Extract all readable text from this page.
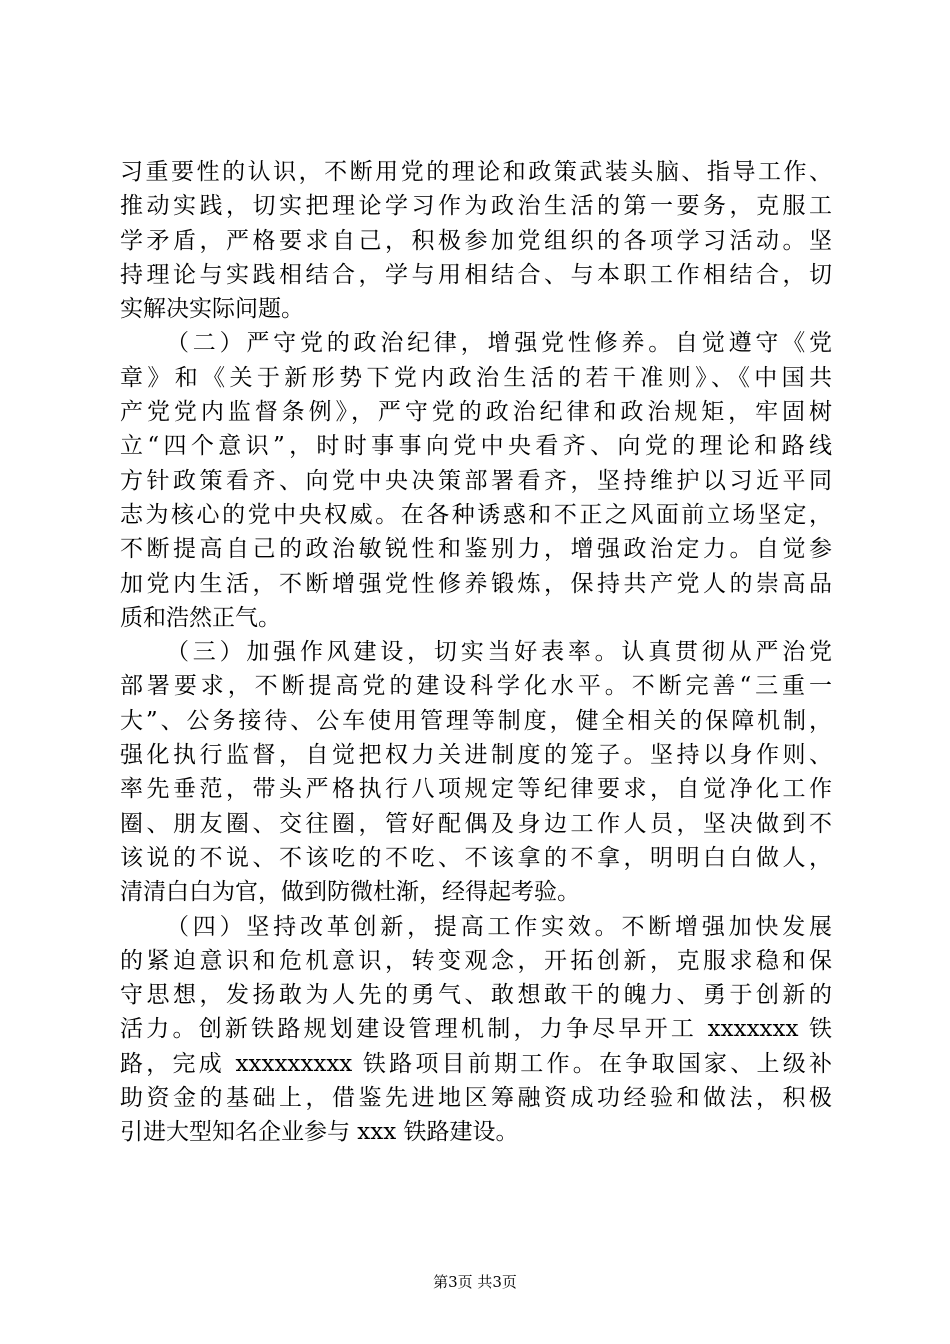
习重要性的认识，不断用党的理论和政策武装头脑、指导工作、
推动实践，切实把理论学习作为政治生活的第一要务，克服工
学矛盾，严格要求自己，积极参加党组织的各项学习活动。坚
持理论与实践相结合，学与用相结合、与本职工作相结合，切
实解决实际问题。
（二）严守党的政治纪律，增强党性修养。自觉遵守《党
章》和《关于新形势下党内政治生活的若干准则》、《中国共
产党党内监督条例》，严守党的政治纪律和政治规矩，牢固树
立“四个意识”，时时事事向党中央看齐、向党的理论和路线
方针政策看齐、向党中央决策部署看齐，坚持维护以习近平同
志为核心的党中央权威。在各种诱惑和不正之风面前立场坚定，
不断提高自己的政治敏锐性和鉴别力，增强政治定力。自觉参
加党内生活，不断增强党性修养锻炼，保持共产党人的崇高品
质和浩然正气。
（三）加强作风建设，切实当好表率。认真贯彻从严治党
部署要求，不断提高党的建设科学化水平。不断完善“三重一
大”、公务接待、公车使用管理等制度，健全相关的保障机制，
强化执行监督，自觉把权力关进制度的笼子。坚持以身作则、
率先垂范，带头严格执行八项规定等纪律要求，自觉净化工作
圈、朋友圈、交往圈，管好配偶及身边工作人员，坚决做到不
该说的不说、不该吃的不吃、不该拿的不拿，明明白白做人，
清清白白为官，做到防微杜渐，经得起考验。
（四）坚持改革创新，提高工作实效。不断增强加快发展
的紧迫意识和危机意识，转变观念，开拓创新，克服求稳和保
守思想，发扬敢为人先的勇气、敢想敢干的魄力、勇于创新的
活力。创新铁路规划建设管理机制，力争尽早开工 xxxxxxx 铁
路，完成 xxxxxxxxx 铁路项目前期工作。在争取国家、上级补
助资金的基础上，借鉴先进地区筹融资成功经验和做法，积极
引进大型知名企业参与 xxx 铁路建设。
第3页 共3页
